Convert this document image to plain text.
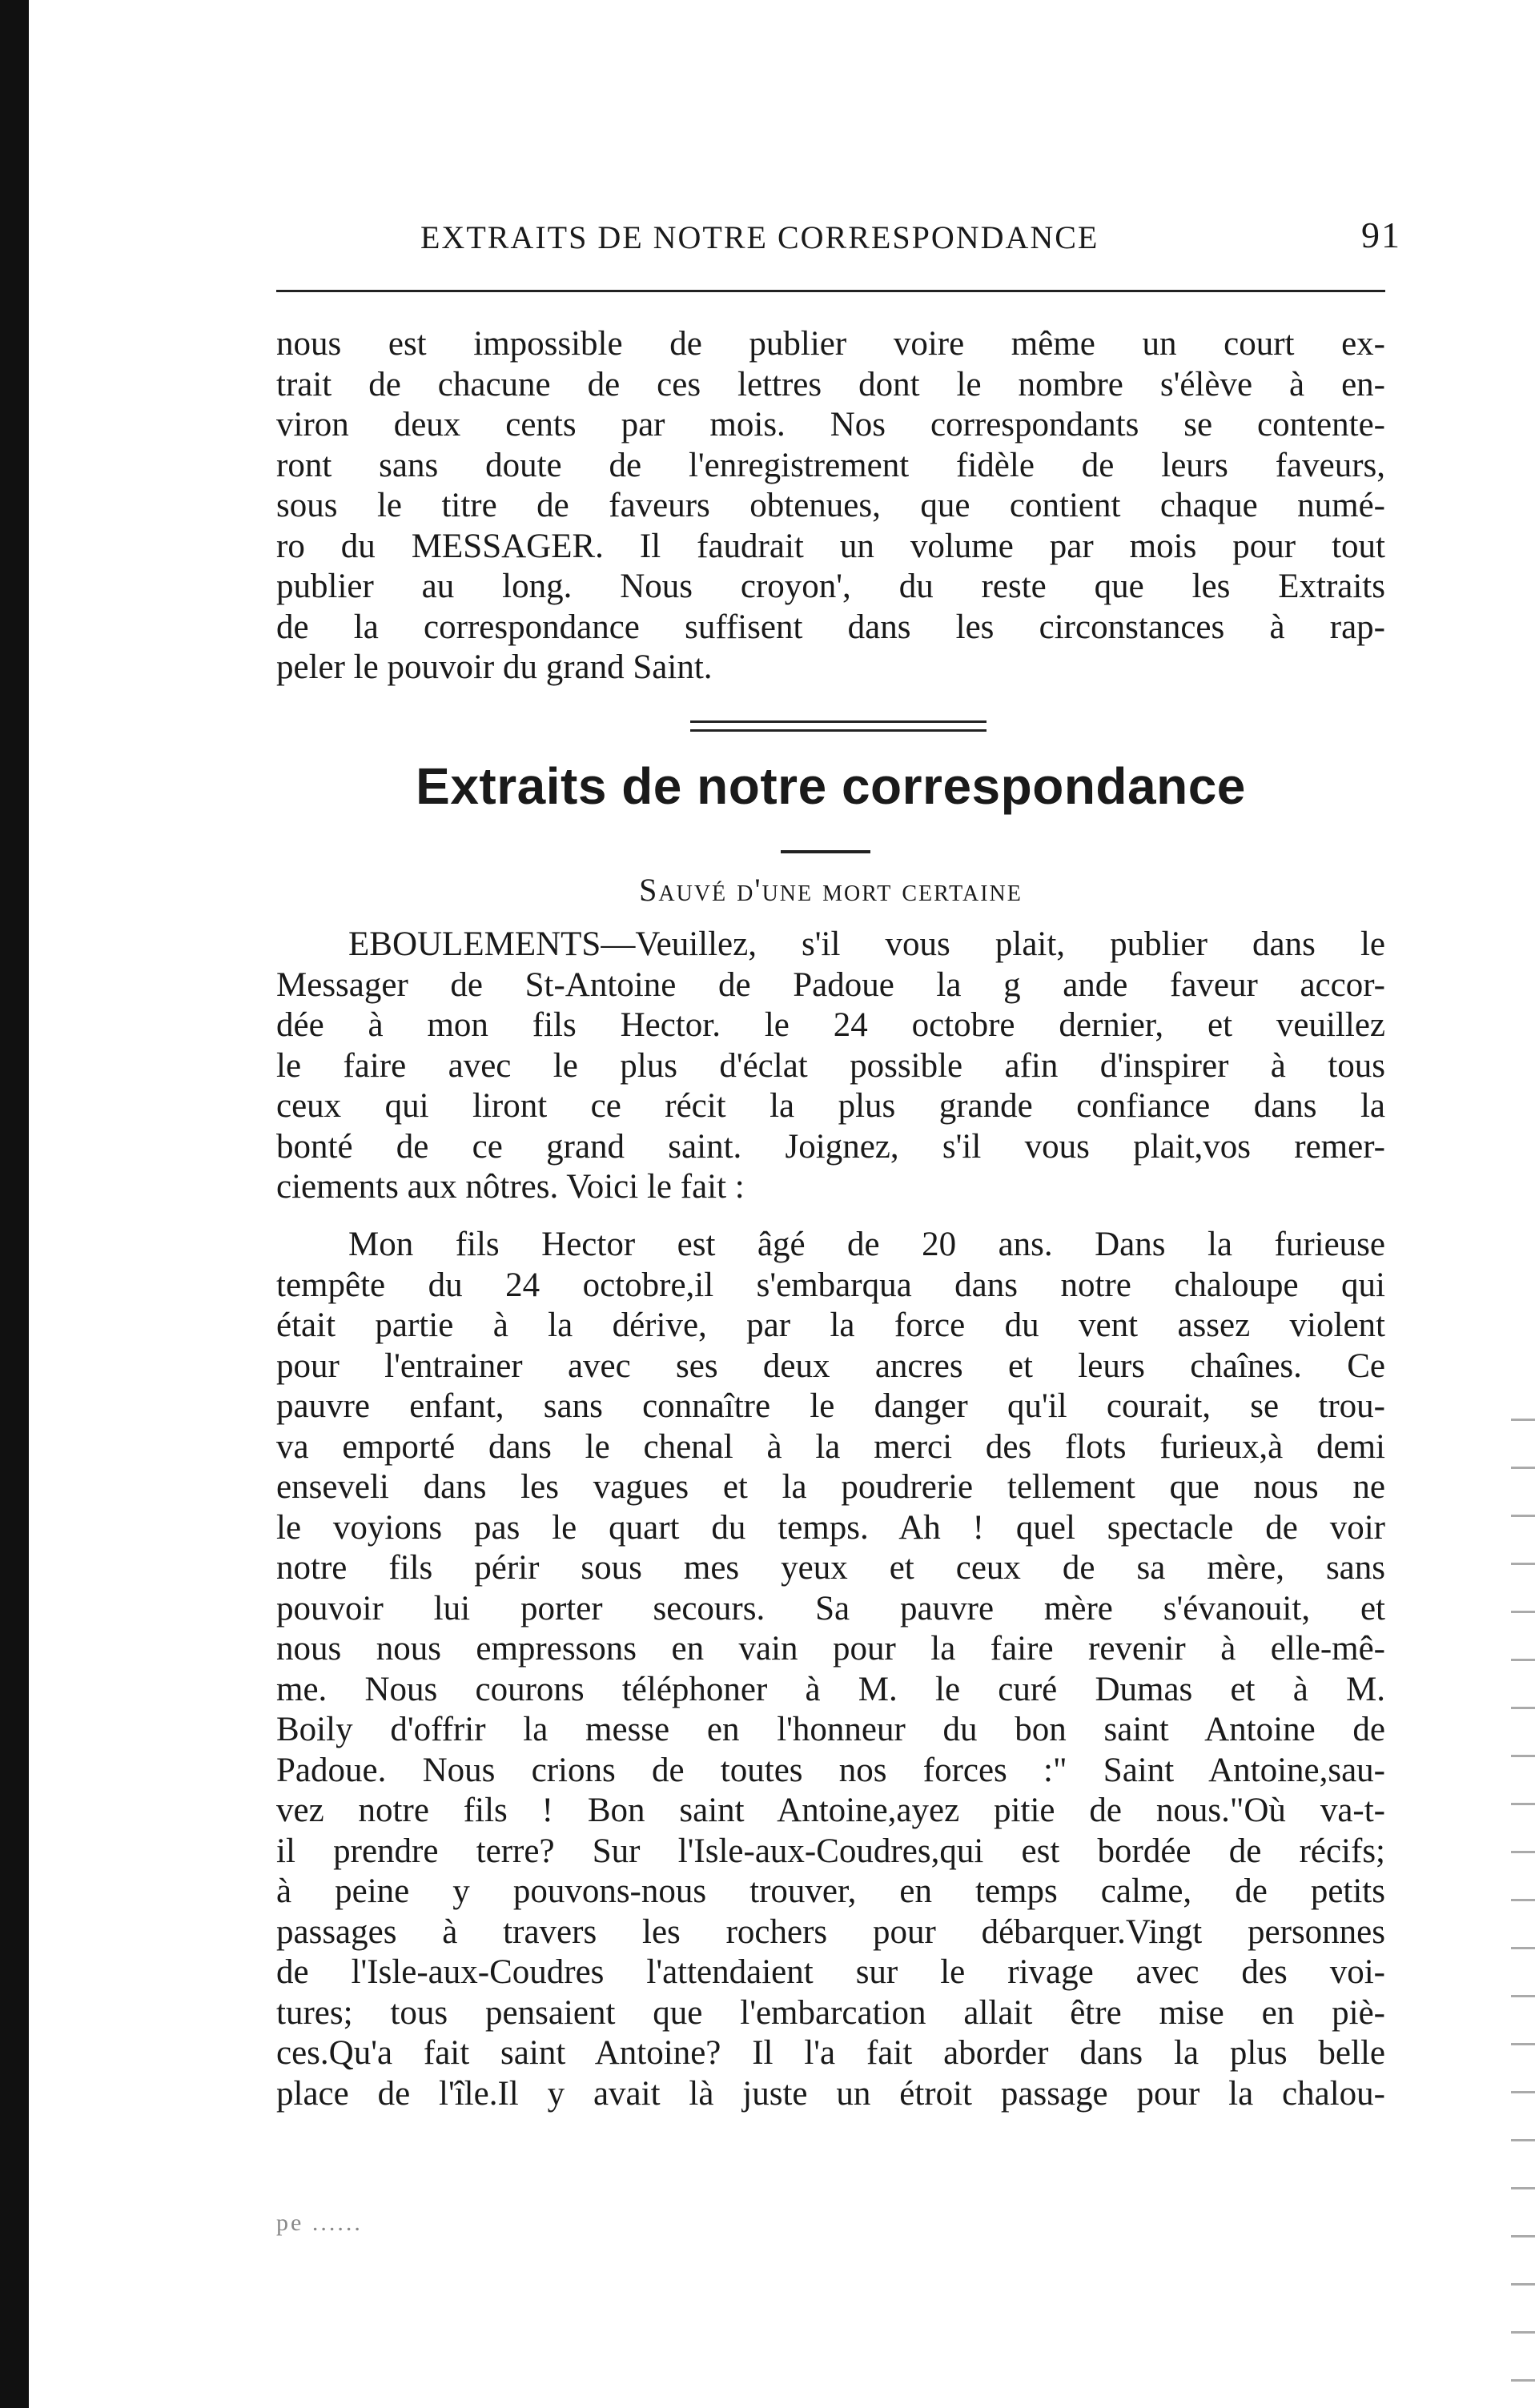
EXTRAITS DE NOTRE CORRESPONDANCE	91
nous est impossible de publier voire même un court ex-
trait de chacune de ces lettres dont le nombre s'élève à en-
viron deux cents par mois. Nos correspondants se contente-
ront sans doute de l'enregistrement fidèle de leurs faveurs,
sous le titre de faveurs obtenues, que contient chaque numé-
ro du MESSAGER. Il faudrait un volume par mois pour tout
publier au long. Nous croyon', du reste que les Extraits
de la correspondance suffisent dans les circonstances à rap-
peler le pouvoir du grand Saint.
Extraits de notre correspondance
Sauvé d'une mort certaine
EBOULEMENTS—Veuillez, s'il vous plait, publier dans le
Messager de St-Antoine de Padoue la g ande faveur accor-
dée à mon fils Hector. le 24 octobre dernier, et veuillez
le faire avec le plus d'éclat possible afin d'inspirer à tous
ceux qui liront ce récit la plus grande confiance dans la
bonté de ce grand saint. Joignez, s'il vous plait,vos remer-
ciements aux nôtres. Voici le fait :
Mon fils Hector est âgé de 20 ans. Dans la furieuse
tempête du 24 octobre,il s'embarqua dans notre chaloupe qui
était partie à la dérive, par la force du vent assez violent
pour l'entrainer avec ses deux ancres et leurs chaînes. Ce
pauvre enfant, sans connaître le danger qu'il courait, se trou-
va emporté dans le chenal à la merci des flots furieux,à demi
enseveli dans les vagues et la poudrerie tellement que nous ne
le voyions pas le quart du temps. Ah ! quel spectacle de voir
notre fils périr sous mes yeux et ceux de sa mère, sans
pouvoir lui porter secours. Sa pauvre mère s'évanouit, et
nous nous empressons en vain pour la faire revenir à elle-mê-
me. Nous courons téléphoner à M. le curé Dumas et à M.
Boily d'offrir la messe en l'honneur du bon saint Antoine de
Padoue. Nous crions de toutes nos forces :" Saint Antoine,sau-
vez notre fils ! Bon saint Antoine,ayez pitie de nous."Où va-t-
il prendre terre? Sur l'Isle-aux-Coudres,qui est bordée de récifs;
à peine y pouvons-nous trouver, en temps calme, de petits
passages à travers les rochers pour débarquer.Vingt personnes
de l'Isle-aux-Coudres l'attendaient sur le rivage avec des voi-
tures; tous pensaient que l'embarcation allait être mise en piè-
ces.Qu'a fait saint Antoine? Il l'a fait aborder dans la plus belle
place de l'île.Il y avait là juste un étroit passage pour la chalou-
pe ......
